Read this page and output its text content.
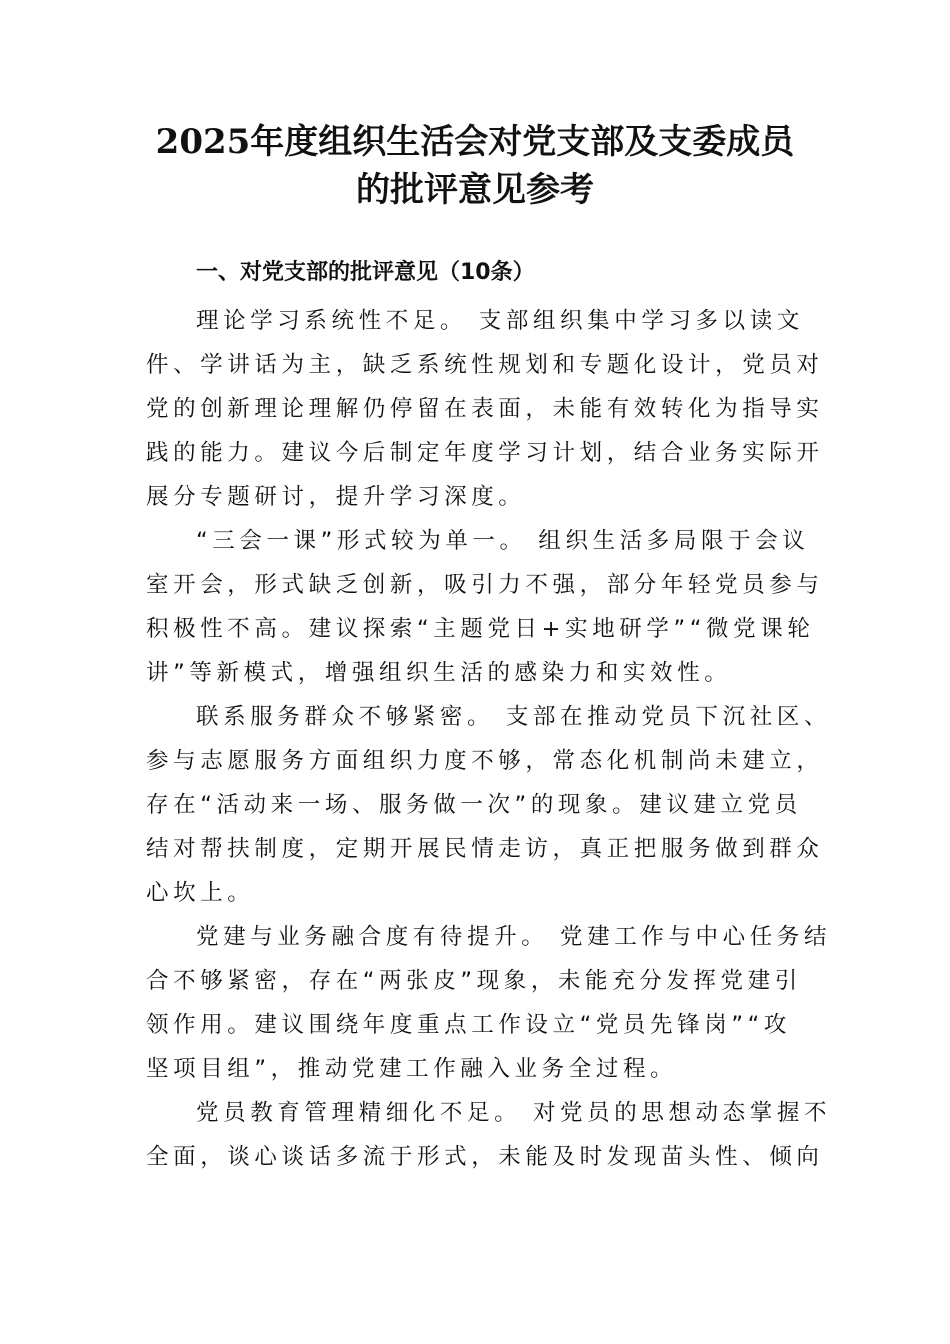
2025年度组织生活会对党支部及支委成员
的批评意见参考
一、对党支部的批评意见（10条）

理论学习系统性不足。 支部组织集中学习多以读文
件、学讲话为主，缺乏系统性规划和专题化设计，党员对
党的创新理论理解仍停留在表面，未能有效转化为指导实
践的能力。建议今后制定年度学习计划，结合业务实际开
展分专题研讨，提升学习深度。

“三会一课”形式较为单一。 组织生活多局限于会议
室开会，形式缺乏创新，吸引力不强，部分年轻党员参与
积极性不高。建议探索“主题党日+实地研学”“微党课轮
讲”等新模式，增强组织生活的感染力和实效性。

联系服务群众不够紧密。 支部在推动党员下沉社区、
参与志愿服务方面组织力度不够，常态化机制尚未建立，
存在“活动来一场、服务做一次”的现象。建议建立党员
结对帮扶制度，定期开展民情走访，真正把服务做到群众
心坎上。

党建与业务融合度有待提升。 党建工作与中心任务结
合不够紧密，存在“两张皮”现象，未能充分发挥党建引
领作用。建议围绕年度重点工作设立“党员先锋岗”“攻
坚项目组”，推动党建工作融入业务全过程。

党员教育管理精细化不足。 对党员的思想动态掌握不
全面，谈心谈话多流于形式，未能及时发现苗头性、倾向
